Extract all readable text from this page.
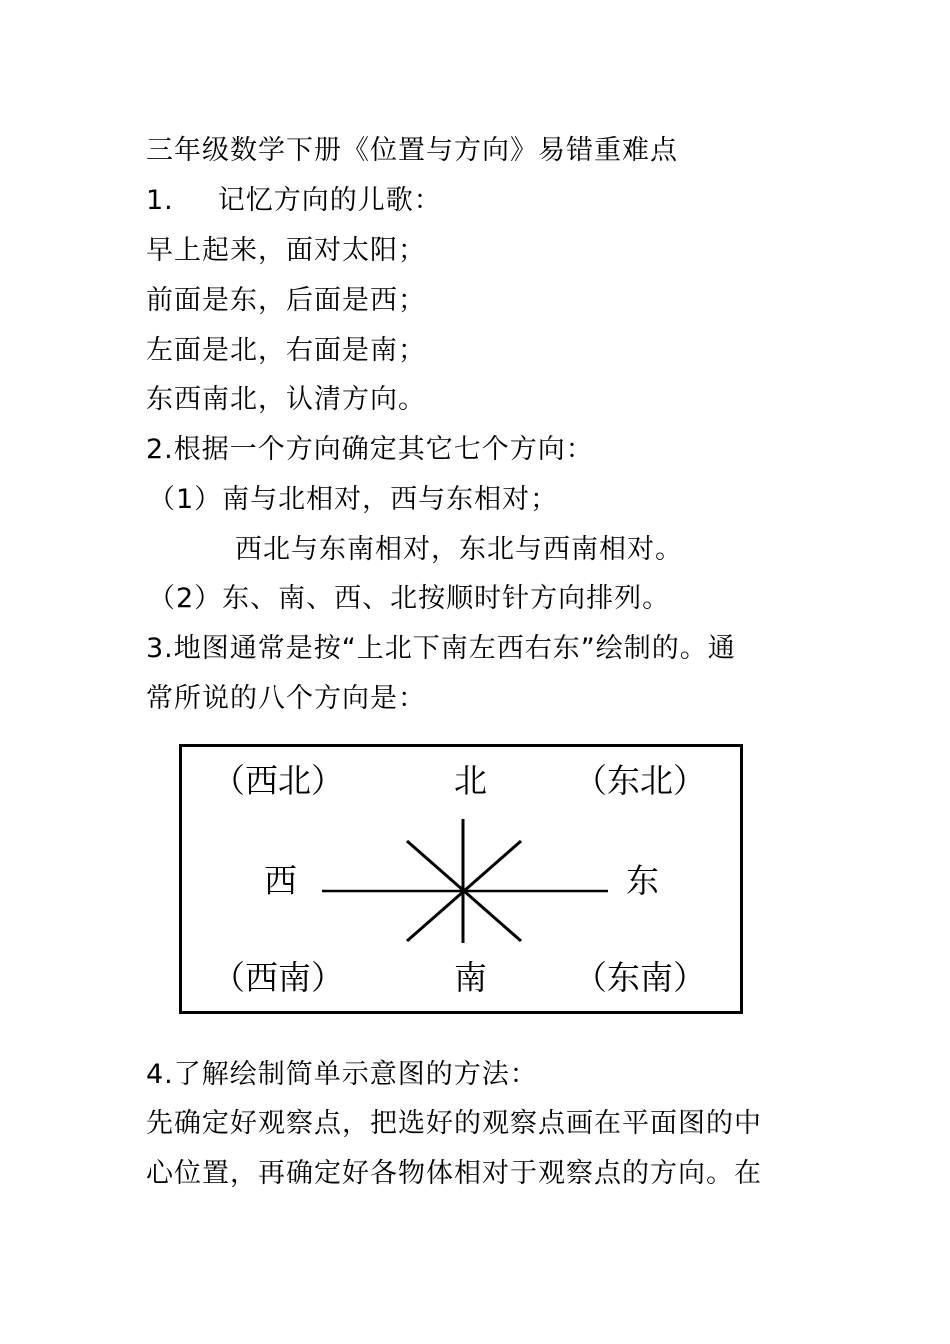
三年级数学下册《位置与方向》易错重难点
1. 记忆方向的儿歌：
早上起来，面对太阳；
前面是东，后面是西；
左面是北，右面是南；
东西南北，认清方向。
2.根据一个方向确定其它七个方向：
（1）南与北相对，西与东相对；
西北与东南相对，东北与西南相对。
（2）东、南、西、北按顺时针方向排列。
3.地图通常是按“上北下南左西右东”绘制的。通
常所说的八个方向是：
（西北）	北	（东北）
西	东
（西南）	南	（东南）
4.了解绘制简单示意图的方法：
先确定好观察点，把选好的观察点画在平面图的中
心位置，再确定好各物体相对于观察点的方向。在
